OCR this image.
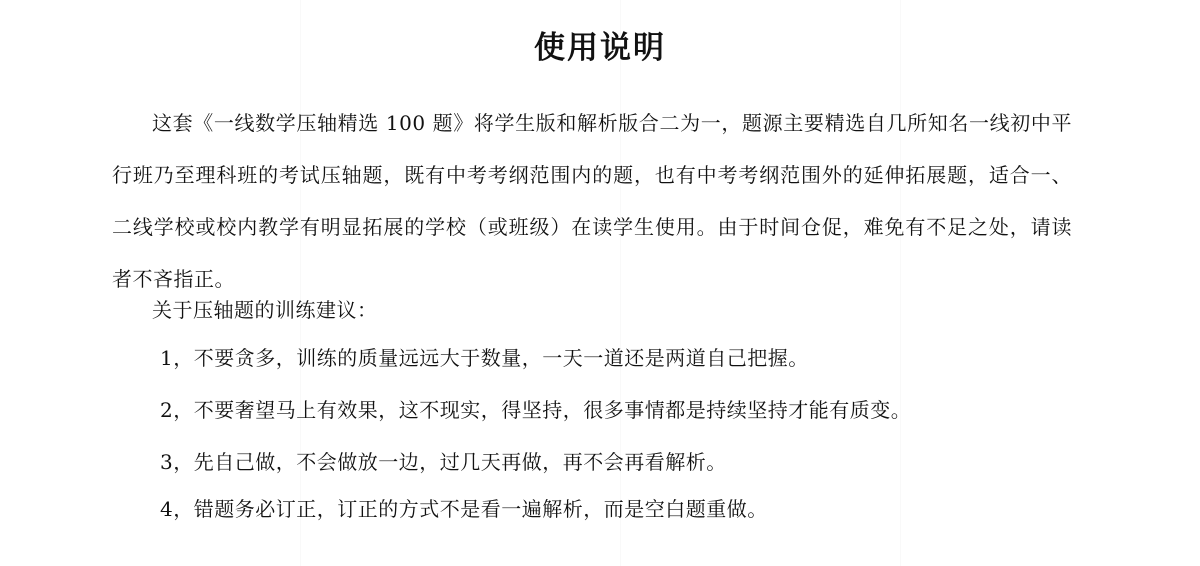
使用说明
这套《一线数学压轴精选 100 题》将学生版和解析版合二为一，题源主要精选自几所知名一线初中平行班乃至理科班的考试压轴题，既有中考考纲范围内的题，也有中考考纲范围外的延伸拓展题，适合一、二线学校或校内教学有明显拓展的学校（或班级）在读学生使用。由于时间仓促，难免有不足之处，请读者不吝指正。
关于压轴题的训练建议：
1，不要贪多，训练的质量远远大于数量，一天一道还是两道自己把握。
2，不要奢望马上有效果，这不现实，得坚持，很多事情都是持续坚持才能有质变。
3，先自己做，不会做放一边，过几天再做，再不会再看解析。
4，错题务必订正，订正的方式不是看一遍解析，而是空白题重做。
